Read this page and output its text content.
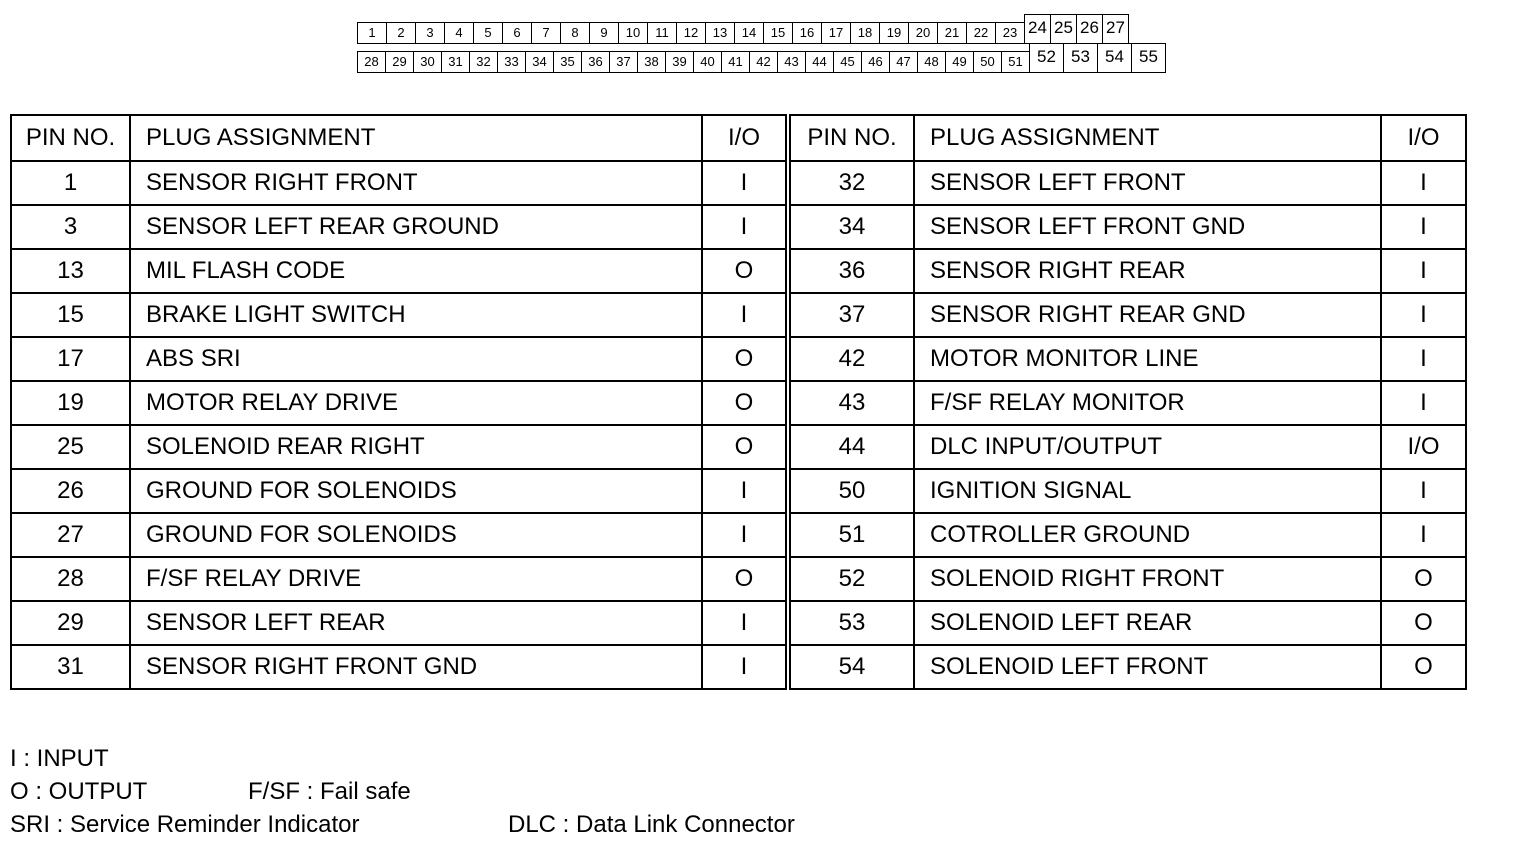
1	2	3	4	5	6	7	8	9	10	11	12	13	14	15	16	17	18	19	20	21	22	23 24 25 26 27
28	29	30	31	32	33	34	35	36	37	38	39	40	41	42	43	44	45	46	47	48	49	50	51 52 53 54 55
PIN NO.	PLUG ASSIGNMENT	I/O	PIN NO.	PLUG ASSIGNMENT	I/O
1	SENSOR RIGHT FRONT	I	32	SENSOR LEFT FRONT	I
3	SENSOR LEFT REAR GROUND	I	34	SENSOR LEFT FRONT GND	I
13	MIL FLASH CODE	O	36	SENSOR RIGHT REAR	I
15	BRAKE LIGHT SWITCH	I	37	SENSOR RIGHT REAR GND	I
17	ABS SRI	O	42	MOTOR MONITOR LINE	I
19	MOTOR RELAY DRIVE	O	43	F/SF RELAY MONITOR	I
25	SOLENOID REAR RIGHT	O	44	DLC INPUT/OUTPUT	I/O
26	GROUND FOR SOLENOIDS	I	50	IGNITION SIGNAL	I
27	GROUND FOR SOLENOIDS	I	51	COTROLLER GROUND	I
28	F/SF RELAY DRIVE	O	52	SOLENOID RIGHT FRONT	O
29	SENSOR LEFT REAR	I	53	SOLENOID LEFT REAR	O
31	SENSOR RIGHT FRONT GND	I	54	SOLENOID LEFT FRONT	O
I : INPUT
O : OUTPUT	F/SF : Fail safe
SRI : Service Reminder Indicator	DLC : Data Link Connector
